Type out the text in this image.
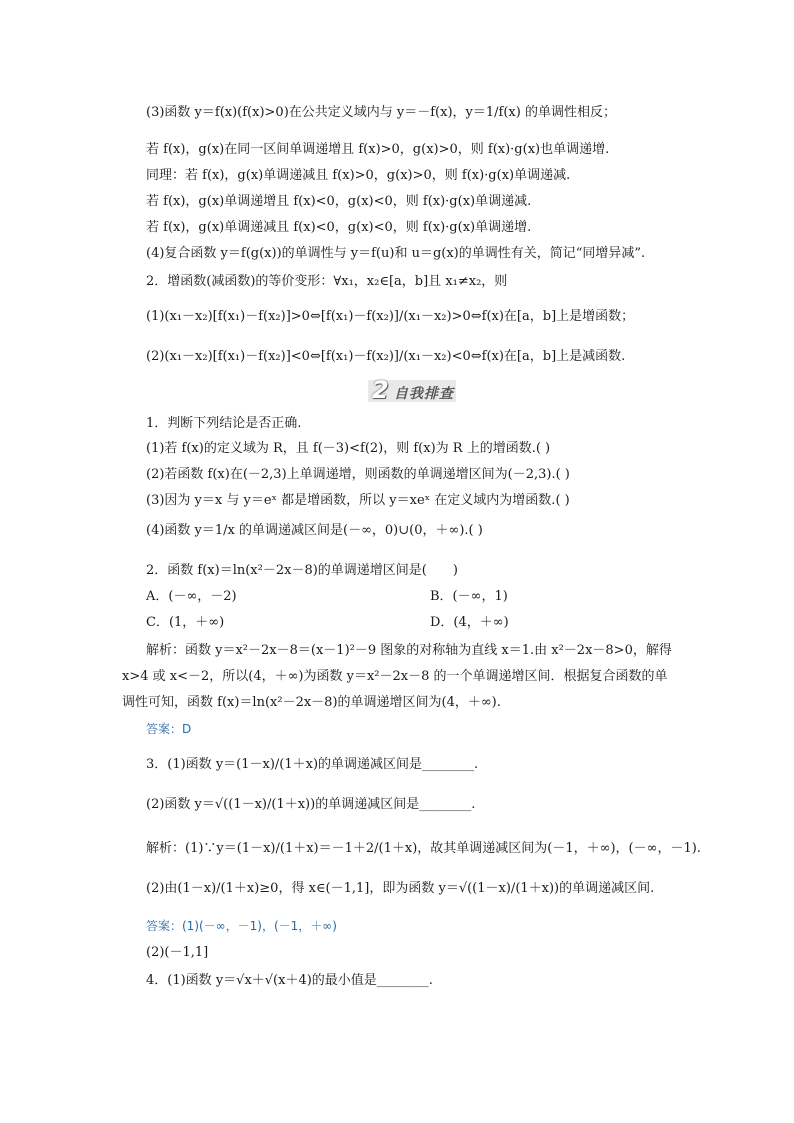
(3)函数 y＝f(x)(f(x)>0)在公共定义域内与 y＝－f(x)，y＝1/f(x) 的单调性相反；
若 f(x)，g(x)在同一区间单调递增且 f(x)>0，g(x)>0，则 f(x)·g(x)也单调递增.
同理：若 f(x)，g(x)单调递减且 f(x)>0，g(x)>0，则 f(x)·g(x)单调递减.
若 f(x)，g(x)单调递增且 f(x)<0，g(x)<0，则 f(x)·g(x)单调递减.
若 f(x)，g(x)单调递减且 f(x)<0，g(x)<0，则 f(x)·g(x)单调递增.
(4)复合函数 y＝f(g(x))的单调性与 y＝f(u)和 u＝g(x)的单调性有关，简记“同增异减”.
2．增函数(减函数)的等价变形：∀x₁，x₂∈[a，b]且 x₁≠x₂，则
(1)(x₁－x₂)[f(x₁)－f(x₂)]>0⇔[f(x₁)－f(x₂)]/(x₁－x₂)>0⇔f(x)在[a，b]上是增函数；
(2)(x₁－x₂)[f(x₁)－f(x₂)]<0⇔[f(x₁)－f(x₂)]/(x₁－x₂)<0⇔f(x)在[a，b]上是减函数.
2 自我排查
1．判断下列结论是否正确.
(1)若 f(x)的定义域为 R，且 f(－3)<f(2)，则 f(x)为 R 上的增函数.( )
(2)若函数 f(x)在(－2,3)上单调递增，则函数的单调递增区间为(－2,3).( )
(3)因为 y＝x 与 y＝eˣ 都是增函数，所以 y＝xeˣ 在定义域内为增函数.( )
(4)函数 y＝1/x 的单调递减区间是(－∞，0)∪(0，＋∞).( )
2．函数 f(x)＝ln(x²－2x－8)的单调递增区间是(　　)
A．(－∞，－2)	B．(－∞，1)
C．(1，＋∞)	D．(4，＋∞)
解析：函数 y＝x²－2x－8＝(x－1)²－9 图象的对称轴为直线 x＝1.由 x²－2x－8>0，解得
x>4 或 x<－2，所以(4，＋∞)为函数 y＝x²－2x－8 的一个单调递增区间．根据复合函数的单
调性可知，函数 f(x)＝ln(x²－2x－8)的单调递增区间为(4，＋∞).
答案：D
3．(1)函数 y＝(1－x)/(1＋x)的单调递减区间是________.
(2)函数 y＝√((1－x)/(1＋x))的单调递减区间是________.
解析：(1)∵y＝(1－x)/(1＋x)＝－1＋2/(1＋x)，故其单调递减区间为(－1，＋∞)，(－∞，－1).
(2)由(1－x)/(1＋x)≥0，得 x∈(－1,1]，即为函数 y＝√((1－x)/(1＋x))的单调递减区间.
答案：(1)(－∞，－1)，(－1，＋∞)
(2)(－1,1]
4．(1)函数 y＝√x＋√(x＋4)的最小值是________.
